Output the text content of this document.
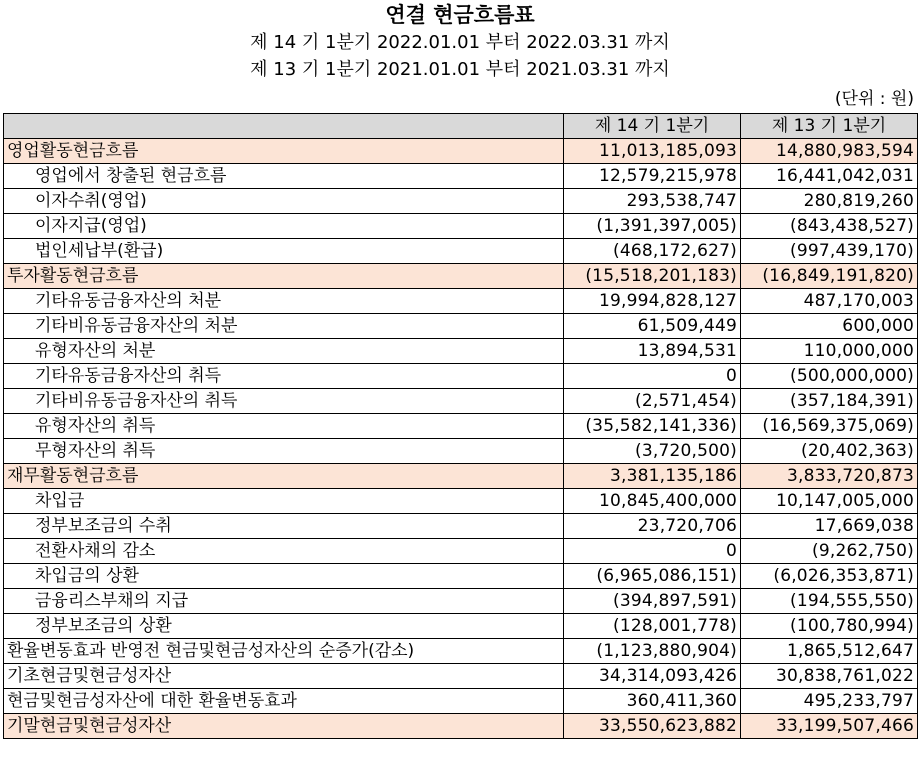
연결 현금흐름표
제 14 기 1분기 2022.01.01 부터 2022.03.31 까지
제 13 기 1분기 2021.01.01 부터 2021.03.31 까지
(단위 : 원)
	제 14 기 1분기	제 13 기 1분기
영업활동현금흐름	11,013,185,093	14,880,983,594
영업에서 창출된 현금흐름	12,579,215,978	16,441,042,031
이자수취(영업)	293,538,747	280,819,260
이자지급(영업)	(1,391,397,005)	(843,438,527)
법인세납부(환급)	(468,172,627)	(997,439,170)
투자활동현금흐름	(15,518,201,183)	(16,849,191,820)
기타유동금융자산의 처분	19,994,828,127	487,170,003
기타비유동금융자산의 처분	61,509,449	600,000
유형자산의 처분	13,894,531	110,000,000
기타유동금융자산의 취득	0	(500,000,000)
기타비유동금융자산의 취득	(2,571,454)	(357,184,391)
유형자산의 취득	(35,582,141,336)	(16,569,375,069)
무형자산의 취득	(3,720,500)	(20,402,363)
재무활동현금흐름	3,381,135,186	3,833,720,873
차입금	10,845,400,000	10,147,005,000
정부보조금의 수취	23,720,706	17,669,038
전환사채의 감소	0	(9,262,750)
차입금의 상환	(6,965,086,151)	(6,026,353,871)
금융리스부채의 지급	(394,897,591)	(194,555,550)
정부보조금의 상환	(128,001,778)	(100,780,994)
환율변동효과 반영전 현금및현금성자산의 순증가(감소)	(1,123,880,904)	1,865,512,647
기초현금및현금성자산	34,314,093,426	30,838,761,022
현금및현금성자산에 대한 환율변동효과	360,411,360	495,233,797
기말현금및현금성자산	33,550,623,882	33,199,507,466
